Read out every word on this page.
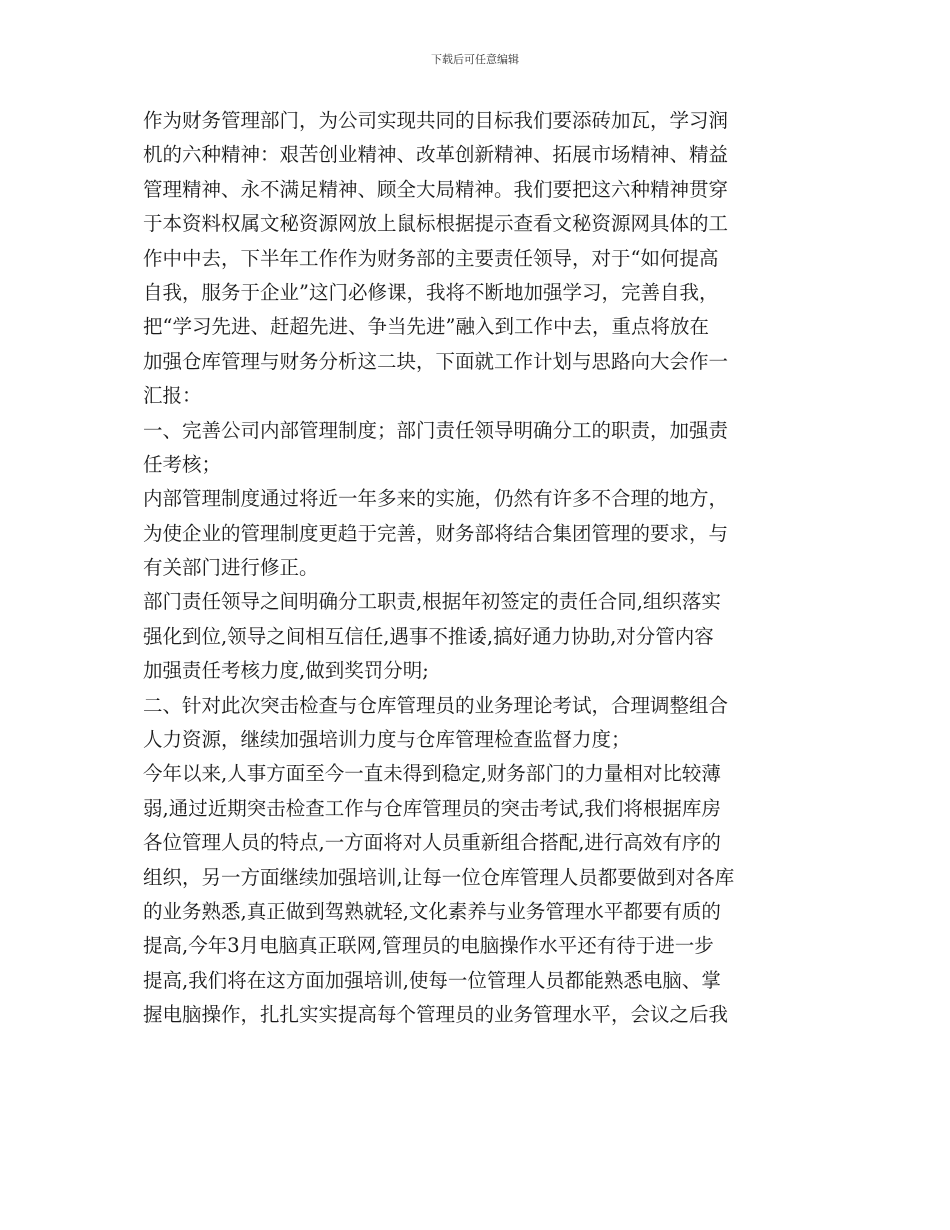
下载后可任意编辑
作为财务管理部门，为公司实现共同的目标我们要添砖加瓦，学习润
机的六种精神：艰苦创业精神、改革创新精神、拓展市场精神、精益
管理精神、永不满足精神、顾全大局精神。我们要把这六种精神贯穿
于本资料权属文秘资源网放上鼠标根据提示查看文秘资源网具体的工
作中中去，下半年工作作为财务部的主要责任领导，对于“如何提高
自我，服务于企业”这门必修课，我将不断地加强学习，完善自我，
把“学习先进、赶超先进、争当先进”融入到工作中去，重点将放在
加强仓库管理与财务分析这二块，下面就工作计划与思路向大会作一
汇报：
一、完善公司内部管理制度；部门责任领导明确分工的职责，加强责
任考核；
内部管理制度通过将近一年多来的实施，仍然有许多不合理的地方，
为使企业的管理制度更趋于完善，财务部将结合集团管理的要求，与
有关部门进行修正。
部门责任领导之间明确分工职责,根据年初签定的责任合同,组织落实
强化到位,领导之间相互信任,遇事不推诿,搞好通力协助,对分管内容
加强责任考核力度,做到奖罚分明;
二、针对此次突击检查与仓库管理员的业务理论考试，合理调整组合
人力资源，继续加强培训力度与仓库管理检查监督力度；
今年以来,人事方面至今一直未得到稳定,财务部门的力量相对比较薄
弱,通过近期突击检查工作与仓库管理员的突击考试,我们将根据库房
各位管理人员的特点,一方面将对人员重新组合搭配,进行高效有序的
组织，另一方面继续加强培训,让每一位仓库管理人员都要做到对各库
的业务熟悉,真正做到驾熟就轻,文化素养与业务管理水平都要有质的
提高,今年3月电脑真正联网,管理员的电脑操作水平还有待于进一步
提高,我们将在这方面加强培训,使每一位管理人员都能熟悉电脑、掌
握电脑操作，扎扎实实提高每个管理员的业务管理水平，会议之后我
